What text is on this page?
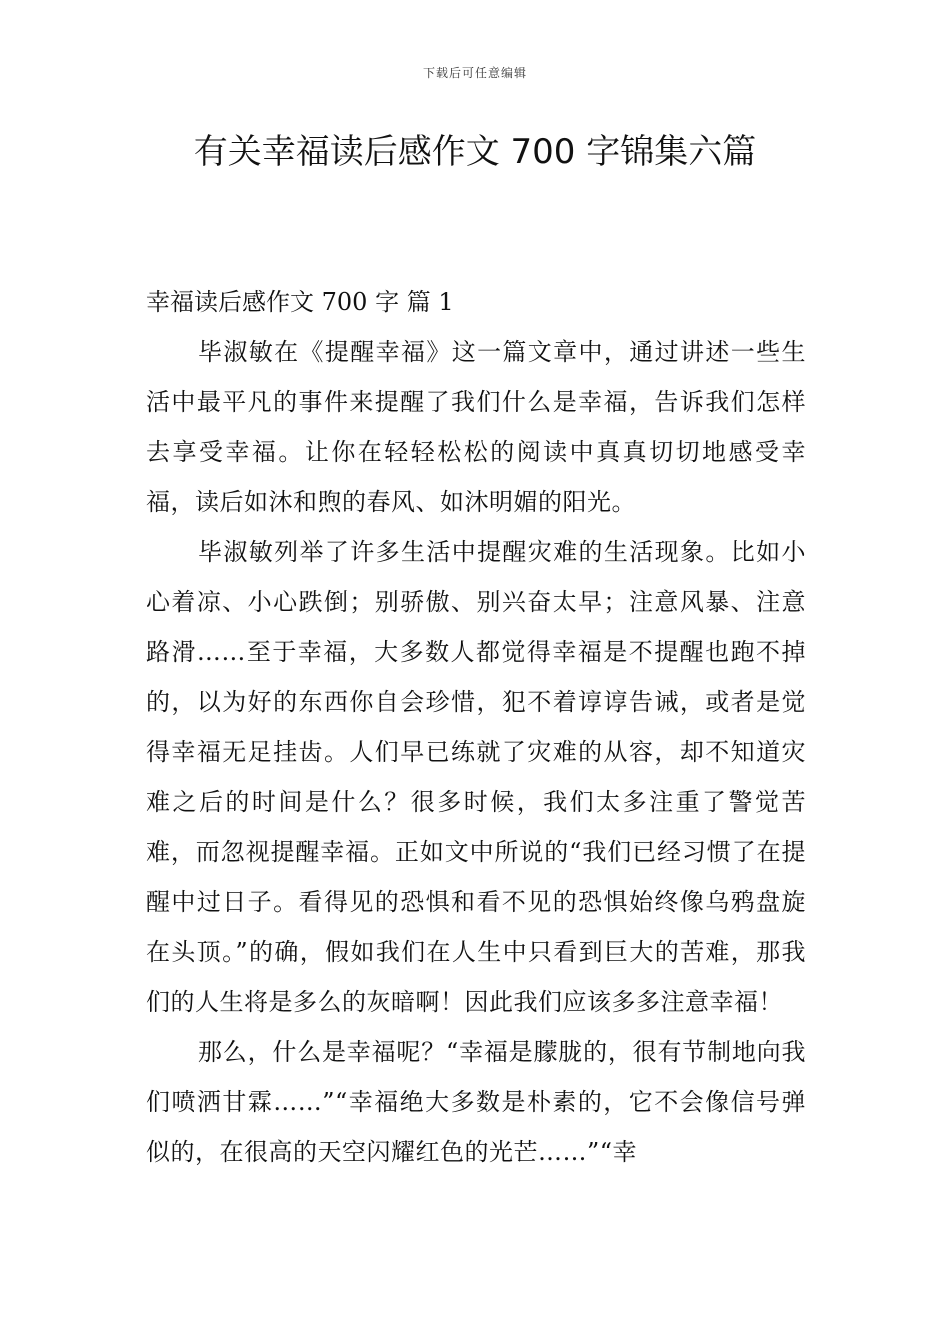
下载后可任意编辑
有关幸福读后感作文 700 字锦集六篇

幸福读后感作文 700 字 篇 1

毕淑敏在《提醒幸福》这一篇文章中，通过讲述一些生活中最平凡的事件来提醒了我们什么是幸福，告诉我们怎样去享受幸福。让你在轻轻松松的阅读中真真切切地感受幸福，读后如沐和煦的春风、如沐明媚的阳光。

毕淑敏列举了许多生活中提醒灾难的生活现象。比如小心着凉、小心跌倒；别骄傲、别兴奋太早；注意风暴、注意路滑……至于幸福，大多数人都觉得幸福是不提醒也跑不掉的，以为好的东西你自会珍惜，犯不着谆谆告诫，或者是觉得幸福无足挂齿。人们早已练就了灾难的从容，却不知道灾难之后的时间是什么？很多时候，我们太多注重了警觉苦难，而忽视提醒幸福。正如文中所说的“我们已经习惯了在提醒中过日子。看得见的恐惧和看不见的恐惧始终像乌鸦盘旋在头顶。”的确，假如我们在人生中只看到巨大的苦难，那我们的人生将是多么的灰暗啊！因此我们应该多多注意幸福！

那么，什么是幸福呢？“幸福是朦胧的，很有节制地向我们喷洒甘霖……”“幸福绝大多数是朴素的，它不会像信号弹似的，在很高的天空闪耀红色的光芒……”“幸
